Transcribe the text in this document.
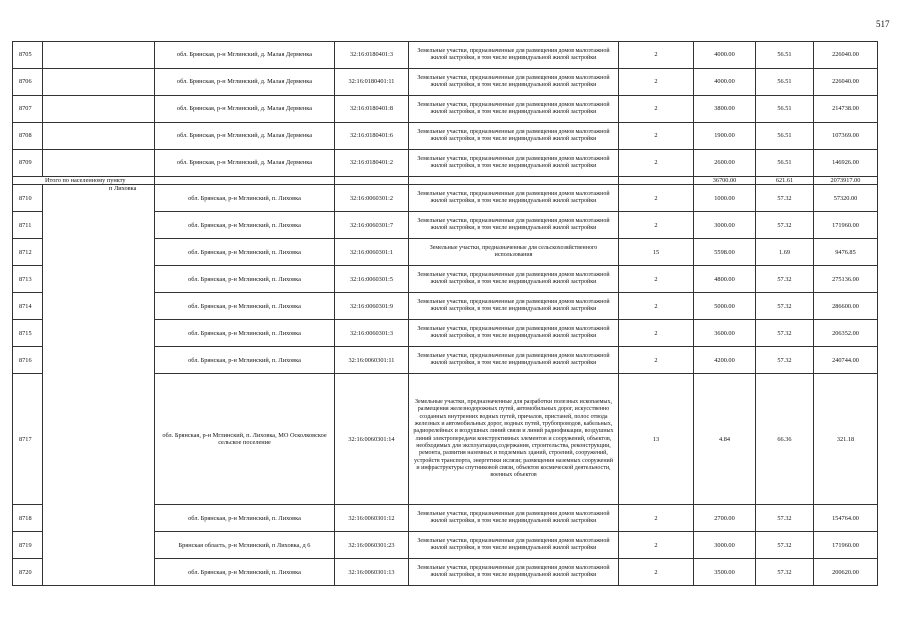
517
8705		обл. Брянская, р-н Мглинский, д. Малая Дерменка	32:16:0180401:3	Земельные участки, предназначенные для размещения домов малоэтажной жилой застройки, в том числе индивидуальной жилой застройки	2	4000.00	56.51	226040.00
8706		обл. Брянская, р-н Мглинский, д. Малая Дерменка	32:16:0180401:11	Земельные участки, предназначенные для размещения домов малоэтажной жилой застройки, в том числе индивидуальной жилой застройки	2	4000.00	56.51	226040.00
8707		обл. Брянская, р-н Мглинский, д. Малая Дерменка	32:16:0180401:8	Земельные участки, предназначенные для размещения домов малоэтажной жилой застройки, в том числе индивидуальной жилой застройки	2	3800.00	56.51	214738.00
8708		обл. Брянская, р-н Мглинский, д. Малая Дерменка	32:16:0180401:6	Земельные участки, предназначенные для размещения домов малоэтажной жилой застройки, в том числе индивидуальной жилой застройки	2	1900.00	56.51	107369.00
8709		обл. Брянская, р-н Мглинский, д. Малая Дерменка	32:16:0180401:2	Земельные участки, предназначенные для размещения домов малоэтажной жилой застройки, в том числе индивидуальной жилой застройки	2	2600.00	56.51	146926.00
Итого по населенному пункту						36700.00	621.61	2073917.00
8710	п Лиховка	обл. Брянская, р-н Мглинский, п. Лиховка	32:16:0060301:2	Земельные участки, предназначенные для размещения домов малоэтажной жилой застройки, в том числе индивидуальной жилой застройки	2	1000.00	57.32	57320.00
8711		обл. Брянская, р-н Мглинский, п. Лиховка	32:16:0060301:7	Земельные участки, предназначенные для размещения домов малоэтажной жилой застройки, в том числе индивидуальной жилой застройки	2	3000.00	57.32	171960.00
8712		обл. Брянская, р-н Мглинский, п. Лиховка	32:16:0060301:1	Земельные участки, предназначенные для сельскохозяйственного использования	15	5598.00	1.69	9476.85
8713		обл. Брянская, р-н Мглинский, п. Лиховка	32:16:0060301:5	Земельные участки, предназначенные для размещения домов малоэтажной жилой застройки, в том числе индивидуальной жилой застройки	2	4800.00	57.32	275136.00
8714		обл. Брянская, р-н Мглинский, п. Лиховка	32:16:0060301:9	Земельные участки, предназначенные для размещения домов малоэтажной жилой застройки, в том числе индивидуальной жилой застройки	2	5000.00	57.32	286600.00
8715		обл. Брянская, р-н Мглинский, п. Лиховка	32:16:0060301:3	Земельные участки, предназначенные для размещения домов малоэтажной жилой застройки, в том числе индивидуальной жилой застройки	2	3600.00	57.32	206352.00
8716		обл. Брянская, р-н Мглинский, п. Лиховка	32:16:0060301:11	Земельные участки, предназначенные для размещения домов малоэтажной жилой застройки, в том числе индивидуальной жилой застройки	2	4200.00	57.32	240744.00
8717		обл. Брянская, р-н Мглинский, п. Лиховка, МО Осколковское сельское поселение	32:16:0060301:14	Земельные участки, предназначенные для разработки полезных ископаемых, размещения железнодорожных путей, автомобильных дорог, искусственно созданных внутренних водных путей, причалов, пристаней, полос отвода железных и автомобильных дорог, водных путей, трубопроводов, кабельных, радиорелейных и воздушных линий связи и линий радиофикации, воздушных линий электропередачи конструктивных элементов и сооружений, объектов, необходимых для эксплуатации,содержания, строительства, реконструкции, ремонта, развития наземных и подземных зданий, строений, сооружений, устройств транспорта, энергетики ислязи; размещения наземных сооружений и инфраструктуры спутниковой связи, объектов космической деятельности, военных объектов	13	4.84	66.36	321.18
8718		обл. Брянская, р-н Мглинский, п. Лиховка	32:16:0060301:12	Земельные участки, предназначенные для размещения домов малоэтажной жилой застройки, в том числе индивидуальной жилой застройки	2	2700.00	57.32	154764.00
8719		Брянская область, р-н Мглинский, п Лиховка, д 6	32:16:0060301:23	Земельные участки, предназначенные для размещения домов малоэтажной жилой застройки, в том числе индивидуальной жилой застройки	2	3000.00	57.32	171960.00
8720		обл. Брянская, р-н Мглинский, п. Лиховка	32:16:0060301:13	Земельные участки, предназначенные для размещения домов малоэтажной жилой застройки, в том числе индивидуальной жилой застройки	2	3500.00	57.32	200620.00
